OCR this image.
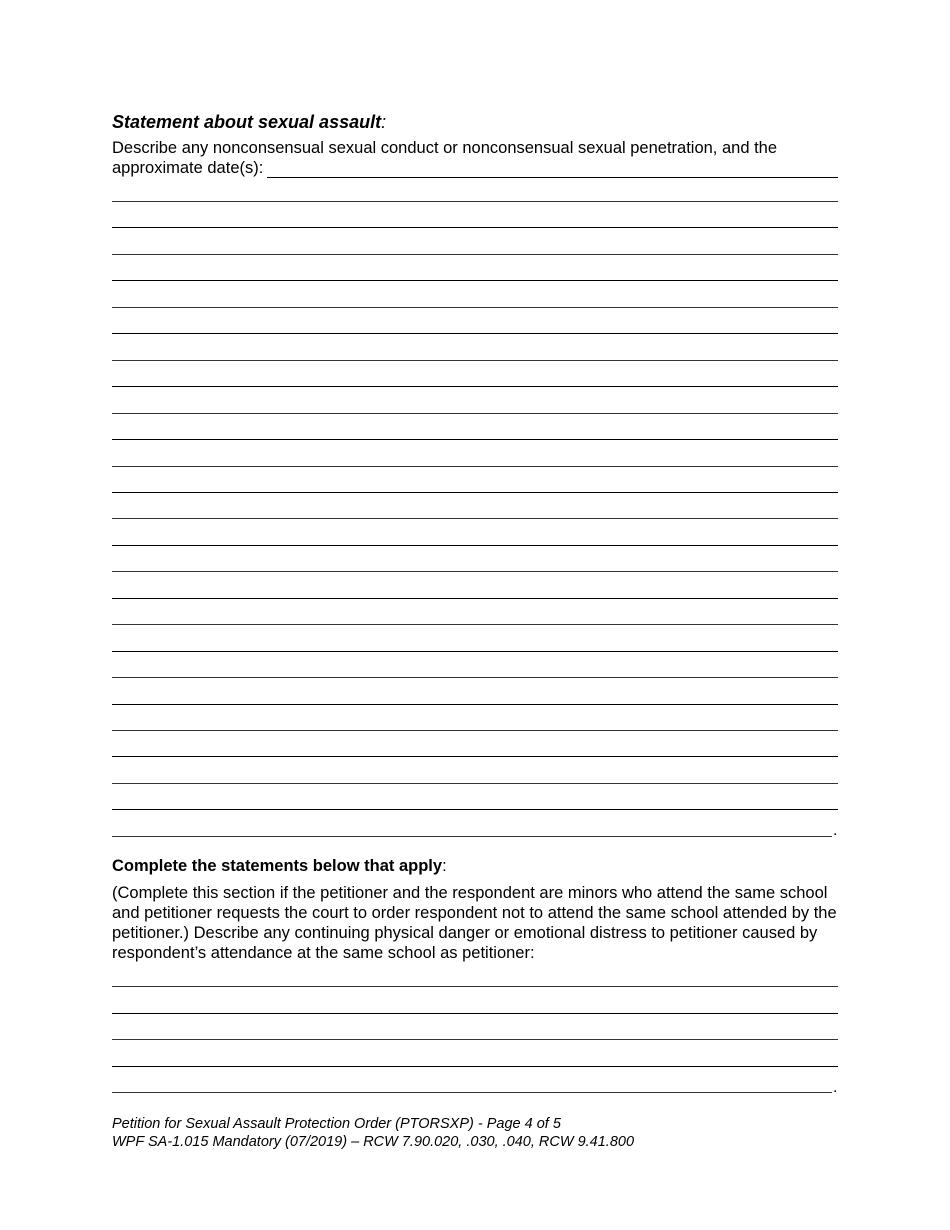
Statement about sexual assault:

Describe any nonconsensual sexual conduct or nonconsensual sexual penetration, and the

approximate date(s):
.

Complete the statements below that apply:

(Complete this section if the petitioner and the respondent are minors who attend the same school and petitioner requests the court to order respondent not to attend the same school attended by the petitioner.) Describe any continuing physical danger or emotional distress to petitioner caused by respondent’s attendance at the same school as petitioner:

.
Petition for Sexual Assault Protection Order (PTORSXP) - Page 4 of 5
WPF SA-1.015 Mandatory (07/2019) – RCW 7.90.020, .030, .040, RCW 9.41.800
